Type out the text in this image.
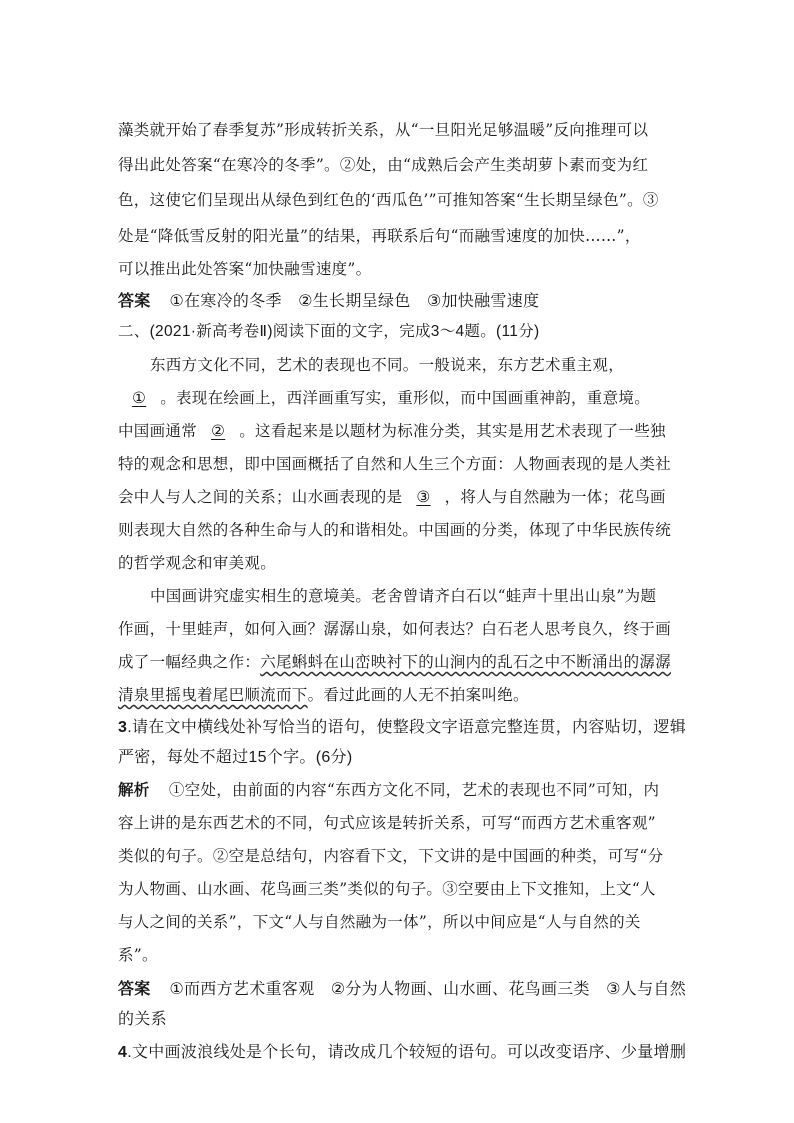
藻类就开始了春季复苏”形成转折关系，从“一旦阳光足够温暖”反向推理可以
得出此处答案“在寒冷的冬季”。②处，由“成熟后会产生类胡萝卜素而变为红
色，这使它们呈现出从绿色到红色的‘西瓜色’”可推知答案“生长期呈绿色”。③
处是“降低雪反射的阳光量”的结果，再联系后句“而融雪速度的加快……”，
可以推出此处答案“加快融雪速度”。
答案 ①在寒冷的冬季　②生长期呈绿色　③加快融雪速度
二、(2021·新高考卷Ⅱ)阅读下面的文字，完成3～4题。(11分)
东西方文化不同，艺术的表现也不同。一般说来，东方艺术重主观，
① 。表现在绘画上，西洋画重写实，重形似，而中国画重神韵，重意境。
中国画通常 ② 。这看起来是以题材为标准分类，其实是用艺术表现了一些独
特的观念和思想，即中国画概括了自然和人生三个方面：人物画表现的是人类社
会中人与人之间的关系；山水画表现的是 ③ ，将人与自然融为一体；花鸟画
则表现大自然的各种生命与人的和谐相处。中国画的分类，体现了中华民族传统
的哲学观念和审美观。
中国画讲究虚实相生的意境美。老舍曾请齐白石以“蛙声十里出山泉”为题
作画，十里蛙声，如何入画？潺潺山泉，如何表达？白石老人思考良久，终于画
成了一幅经典之作：六尾蝌蚪在山峦映衬下的山涧内的乱石之中不断涌出的潺潺
清泉里摇曳着尾巴顺流而下。看过此画的人无不拍案叫绝。
3.请在文中横线处补写恰当的语句，使整段文字语意完整连贯，内容贴切，逻辑
严密，每处不超过15个字。(6分)
解析 ①空处，由前面的内容“东西方文化不同，艺术的表现也不同”可知，内
容上讲的是东西艺术的不同，句式应该是转折关系，可写“而西方艺术重客观”
类似的句子。②空是总结句，内容看下文，下文讲的是中国画的种类，可写“分
为人物画、山水画、花鸟画三类”类似的句子。③空要由上下文推知，上文“人
与人之间的关系”，下文“人与自然融为一体”，所以中间应是“人与自然的关
系”。
答案 ①而西方艺术重客观　②分为人物画、山水画、花鸟画三类　③人与自然
的关系
4.文中画波浪线处是个长句，请改成几个较短的语句。可以改变语序、少量增删
